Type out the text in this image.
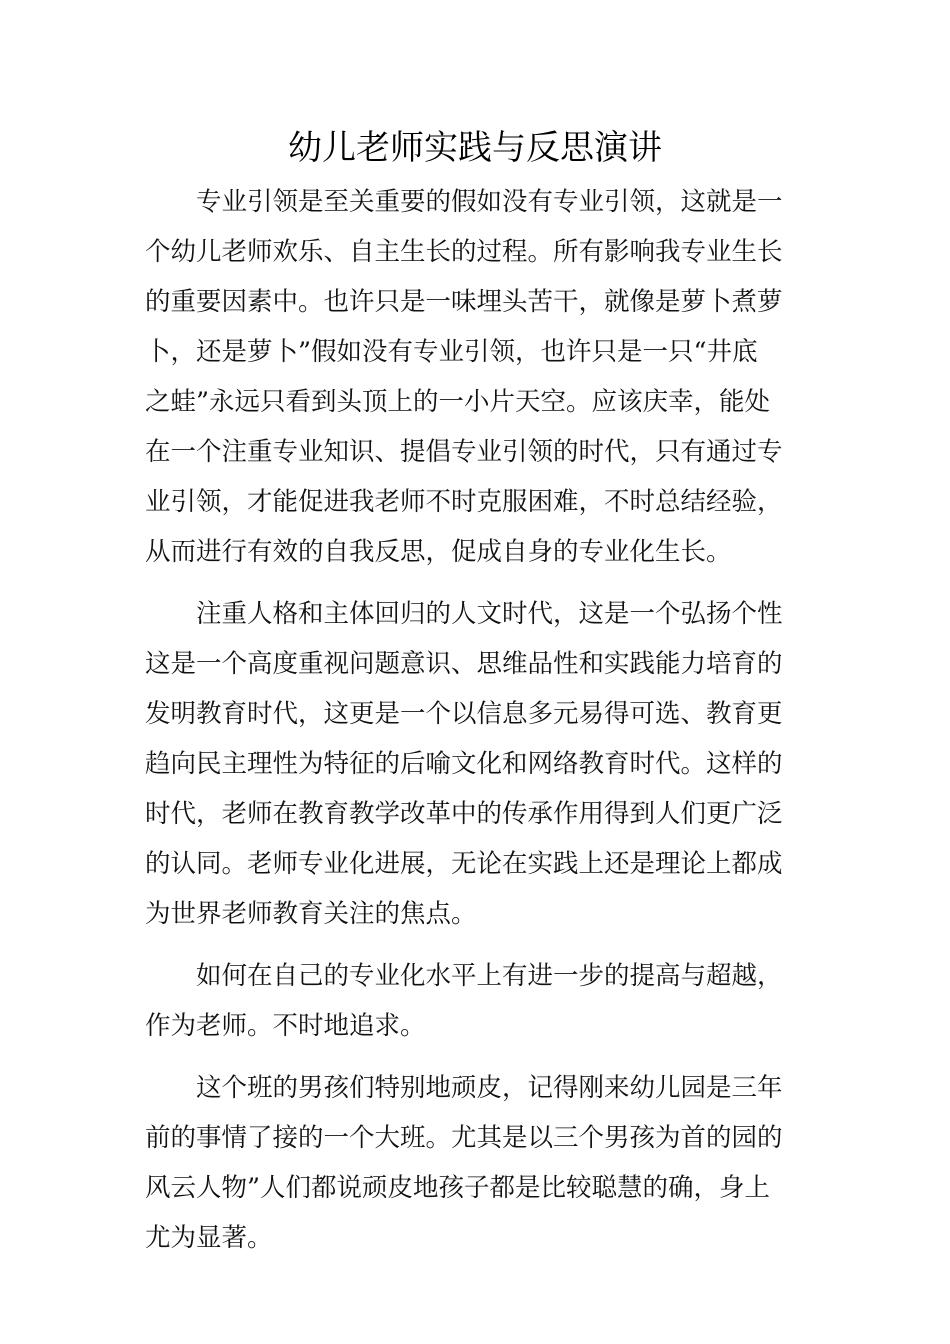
幼儿老师实践与反思演讲
专业引领是至关重要的假如没有专业引领，这就是一
个幼儿老师欢乐、自主生长的过程。所有影响我专业生长
的重要因素中。也许只是一味埋头苦干，就像是萝卜煮萝
卜，还是萝卜”假如没有专业引领，也许只是一只“井底
之蛙”永远只看到头顶上的一小片天空。应该庆幸，能处
在一个注重专业知识、提倡专业引领的时代，只有通过专
业引领，才能促进我老师不时克服困难，不时总结经验，
从而进行有效的自我反思，促成自身的专业化生长。
注重人格和主体回归的人文时代，这是一个弘扬个性
这是一个高度重视问题意识、思维品性和实践能力培育的
发明教育时代，这更是一个以信息多元易得可选、教育更
趋向民主理性为特征的后喻文化和网络教育时代。这样的
时代，老师在教育教学改革中的传承作用得到人们更广泛
的认同。老师专业化进展，无论在实践上还是理论上都成
为世界老师教育关注的焦点。
如何在自己的专业化水平上有进一步的提高与超越，
作为老师。不时地追求。
这个班的男孩们特别地顽皮，记得刚来幼儿园是三年
前的事情了接的一个大班。尤其是以三个男孩为首的园的
风云人物”人们都说顽皮地孩子都是比较聪慧的确，身上
尤为显著。
